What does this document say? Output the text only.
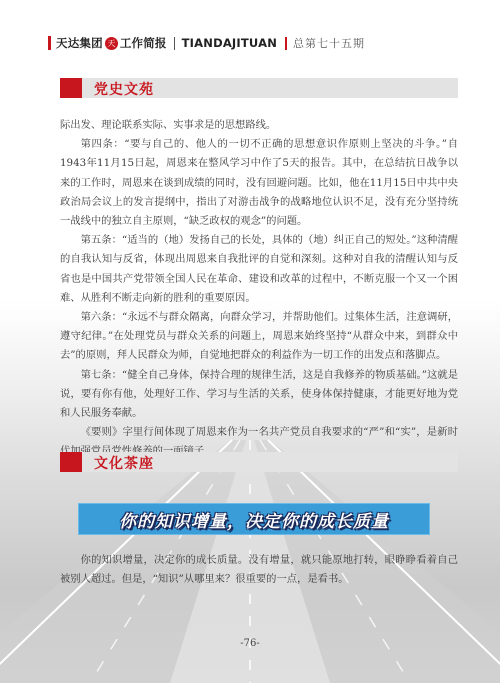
天达集团 天 工作简报 TIANDAJITUAN 总第七十五期
党史文苑

际出发、理论联系实际、实事求是的思想路线。

第四条：“要与自己的、他人的一切不正确的思想意识作原则上坚决的斗争。”自1943年11月15日起，周恩来在整风学习中作了5天的报告。其中，在总结抗日战争以来的工作时，周恩来在谈到成绩的同时，没有回避问题。比如，他在11月15日中共中央政治局会议上的发言提纲中，指出了对游击战争的战略地位认识不足，没有充分坚持统一战线中的独立自主原则，“缺乏政权的观念”的问题。

第五条：“适当的（地）发扬自己的长处，具体的（地）纠正自己的短处。”这种清醒的自我认知与反省，体现出周恩来自我批评的自觉和深刻。这种对自我的清醒认知与反省也是中国共产党带领全国人民在革命、建设和改革的过程中，不断克服一个又一个困难、从胜利不断走向新的胜利的重要原因。

第六条：“永远不与群众隔离，向群众学习，并帮助他们。过集体生活，注意调研，遵守纪律。”在处理党员与群众关系的问题上，周恩来始终坚持“从群众中来，到群众中去”的原则，拜人民群众为师，自觉地把群众的利益作为一切工作的出发点和落脚点。

第七条：“健全自己身体，保持合理的规律生活，这是自我修养的物质基础。”这就是说，要有你有他，处理好工作、学习与生活的关系，使身体保持健康，才能更好地为党和人民服务奉献。

《要则》字里行间体现了周恩来作为一名共产党员自我要求的“严”和“实”，是新时

文化茶座
你的知识增量，决定你的成长质量

你的知识增量，决定你的成长质量。没有增量，就只能原地打转，眼睁睁看着自己被别人超过。但是，“知识”从哪里来？很重要的一点，是看书。

-76-
